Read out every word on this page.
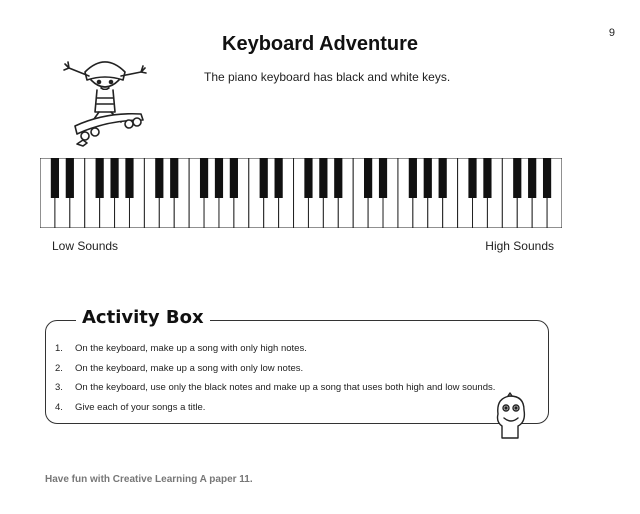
9
Keyboard Adventure
The piano keyboard has black and white keys.
Low Sounds	High Sounds
Activity Box
1.	On the keyboard, make up a song with only high notes.
2.	On the keyboard, make up a song with only low notes.
3.	On the keyboard, use only the black notes and make up a song that uses both high and low sounds.
4.	Give each of your songs a title.
Have fun with Creative Learning A paper 11.
